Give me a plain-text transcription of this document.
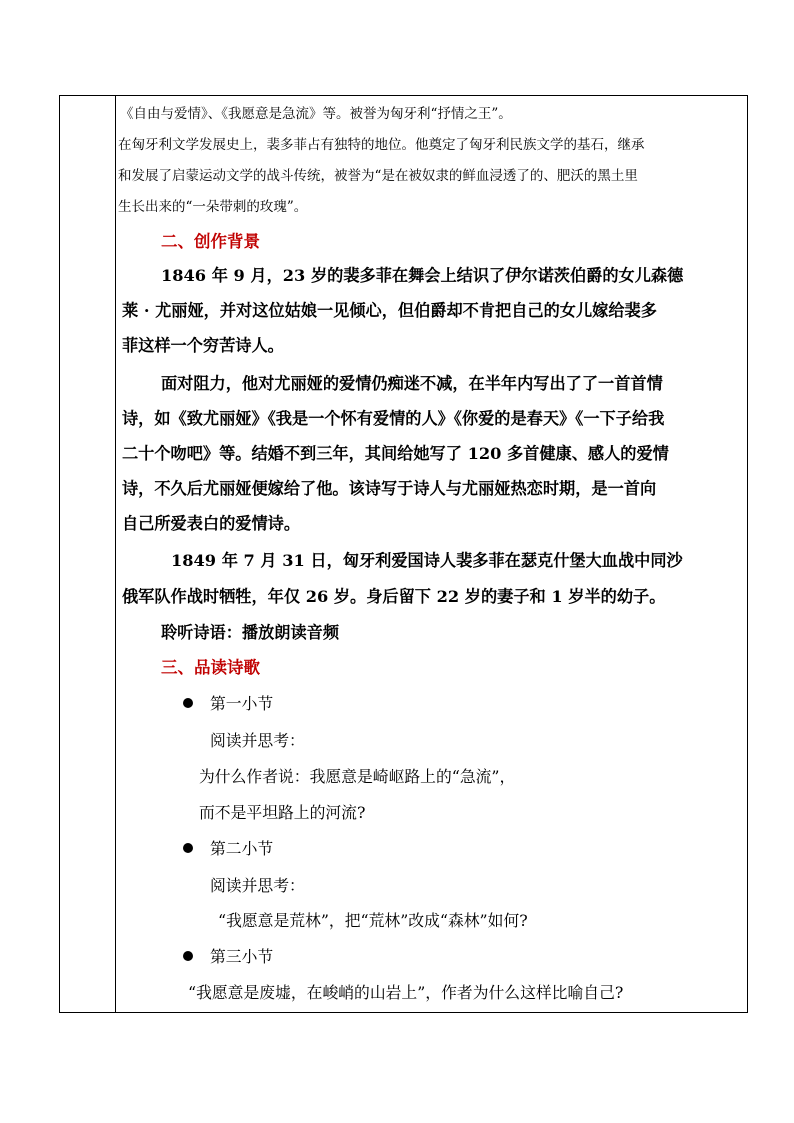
《自由与爱情》、《我愿意是急流》等。被誉为匈牙利“抒情之王”。
在匈牙利文学发展史上，裴多菲占有独特的地位。他奠定了匈牙利民族文学的基石，继承
和发展了启蒙运动文学的战斗传统，被誉为“是在被奴隶的鲜血浸透了的、肥沃的黑土里
生长出来的“一朵带刺的玫瑰”。
二、创作背景
1846 年 9 月，23 岁的裴多菲在舞会上结识了伊尔诺茨伯爵的女儿森德
莱 · 尤丽娅，并对这位姑娘一见倾心，但伯爵却不肯把自己的女儿嫁给裴多
菲这样一个穷苦诗人。
面对阻力，他对尤丽娅的爱情仍痴迷不减，在半年内写出了了一首首情
诗，如《致尤丽娅》《我是一个怀有爱情的人》《你爱的是春天》《一下子给我
二十个吻吧》等。结婚不到三年，其间给她写了 120 多首健康、感人的爱情
诗，不久后尤丽娅便嫁给了他。该诗写于诗人与尤丽娅热恋时期，是一首向
自己所爱表白的爱情诗。
1849 年 7 月 31 日，匈牙利爱国诗人裴多菲在瑟克什堡大血战中同沙
俄军队作战时牺牲，年仅 26 岁。身后留下 22 岁的妻子和 1 岁半的幼子。
聆听诗语：播放朗读音频
三、品读诗歌
第一小节
阅读并思考：
为什么作者说：我愿意是崎岖路上的“急流”，
而不是平坦路上的河流?
第二小节
阅读并思考：
“我愿意是荒林”，把“荒林”改成“森林”如何?
第三小节
“我愿意是废墟，在峻峭的山岩上”，作者为什么这样比喻自己?
